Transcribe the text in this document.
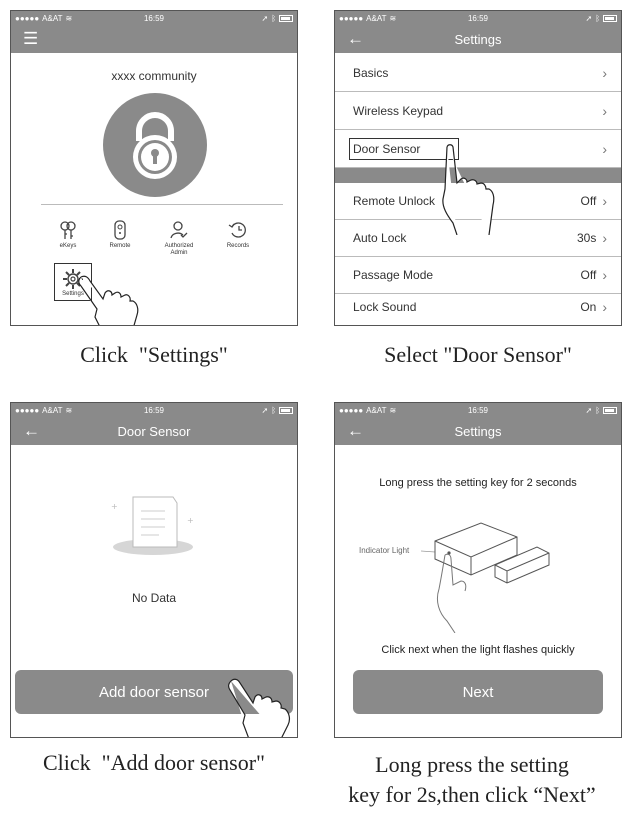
●●●●● A&AT ≋	16:59	➚ ᛒ
☰
xxxx community
eKeys	Remote	Authorized
Admin
Records
Settings
Click  "Settings"
●●●●● A&AT ≋	16:59	➚ ᛒ
←	Settings
Basics	›
Wireless Keypad	›
Door Sensor	›
Remote Unlock	Off ›
Auto Lock	30s ›
Passage Mode	Off ›
Lock Sound	On ›
Select "Door Sensor"
●●●●● A&AT ≋	16:59	➚ ᛒ
←	Door Sensor
+
+
No Data
Add door sensor
Click  "Add door sensor"
●●●●● A&AT ≋	16:59	➚ ᛒ
←	Settings
Long press the setting key for 2 seconds
Indicator Light
Click next when the light flashes quickly
Next
Long press the setting
key for 2s,then click “Next”
